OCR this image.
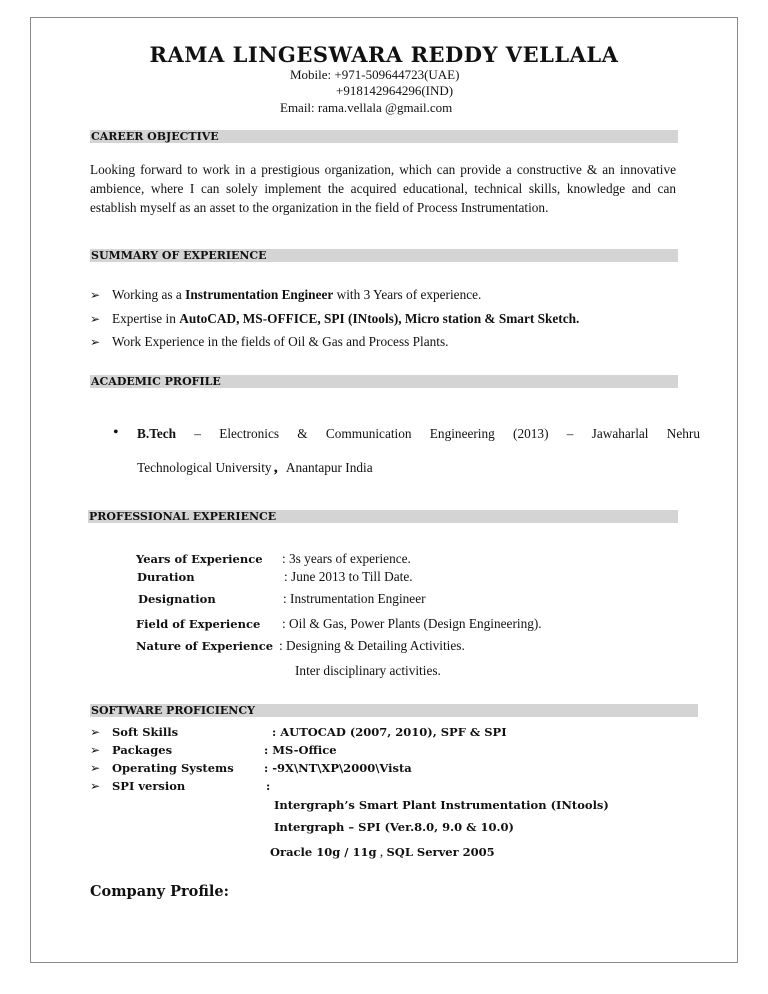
RAMA LINGESWARA REDDY VELLALA
Mobile: +971-509644723(UAE)
+918142964296(IND)
Email: rama.vellala @gmail.com
CAREER OBJECTIVE
Looking forward to work in a prestigious organization, which can provide a constructive & an innovative ambience, where I can solely implement the acquired educational, technical skills, knowledge and can establish myself as an asset to the organization in the field of Process Instrumentation.
SUMMARY OF EXPERIENCE
➢ Working as a Instrumentation Engineer with 3 Years of experience.
➢ Expertise in AutoCAD, MS-OFFICE, SPI (INtools), Micro station & Smart Sketch.
➢ Work Experience in the fields of Oil & Gas and Process Plants.
ACADEMIC PROFILE
• B.Tech – Electronics & Communication Engineering (2013) – Jawaharlal Nehru
Technological University , Anantapur India
PROFESSIONAL EXPERIENCE
Years of Experience : 3s years of experience.
Duration	: June 2013 to Till Date.
Designation	: Instrumentation Engineer
Field of Experience : Oil & Gas, Power Plants (Design Engineering).
Nature of Experience : Designing & Detailing Activities.
Inter disciplinary activities.
SOFTWARE PROFICIENCY
➢ Soft Skills	: AUTOCAD (2007, 2010), SPF & SPI
➢ Packages	: MS-Office
➢ Operating Systems	: -9X\NT\XP\2000\Vista
➢ SPI version	:
Intergraph’s Smart Plant Instrumentation (INtools)
Intergraph – SPI (Ver.8.0, 9.0 & 10.0)
Oracle 10g / 11g , SQL Server 2005
Company Profile:
